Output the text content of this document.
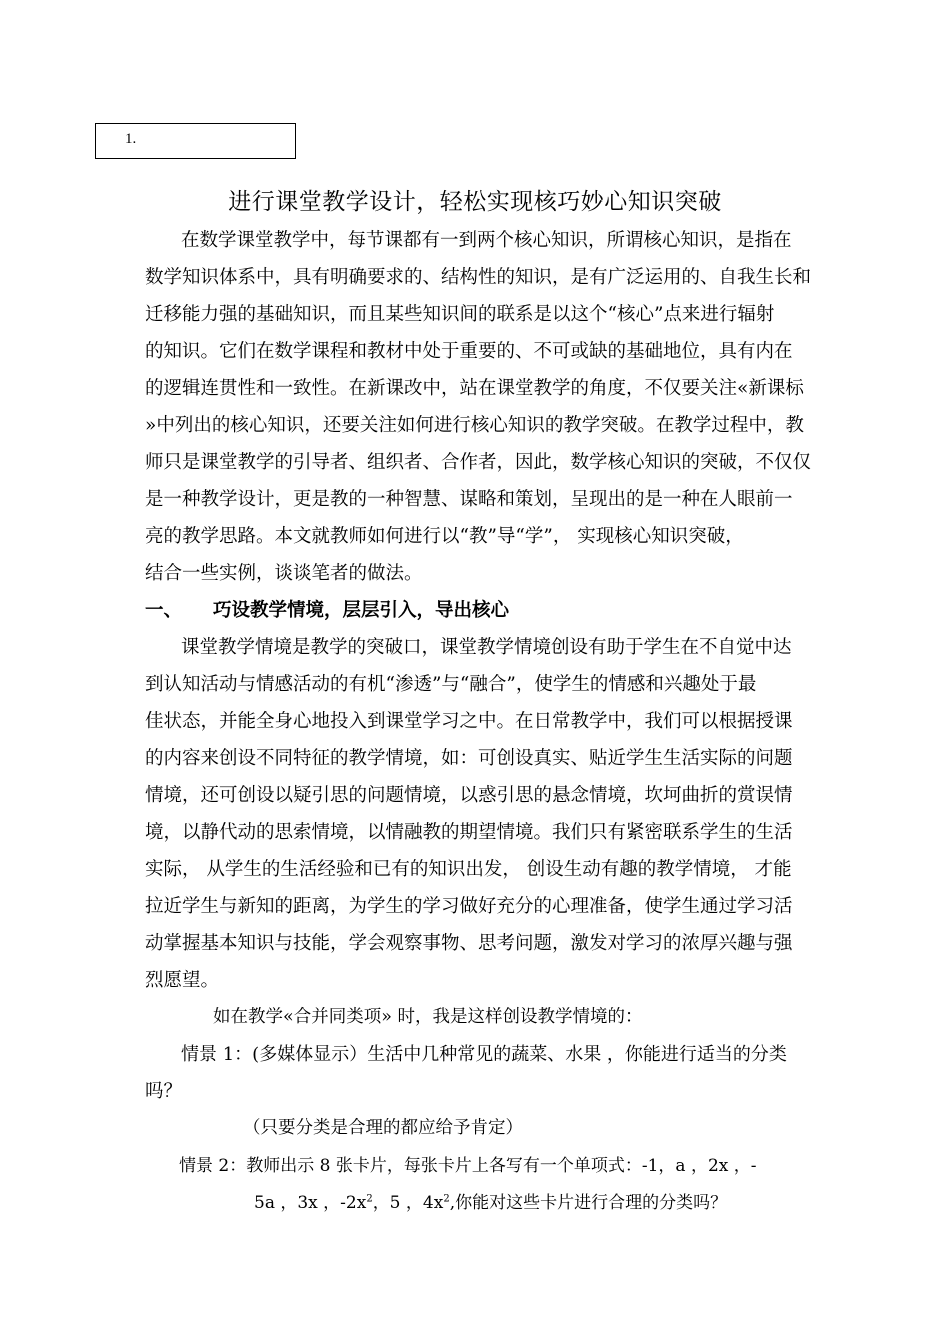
1.
进行课堂教学设计，轻松实现核巧妙心知识突破
在数学课堂教学中，每节课都有一到两个核心知识，所谓核心知识，是指在
数学知识体系中，具有明确要求的、结构性的知识，是有广泛运用的、自我生长和
迁移能力强的基础知识，而且某些知识间的联系是以这个“核心”点来进行辐射
的知识。它们在数学课程和教材中处于重要的、不可或缺的基础地位，具有内在
的逻辑连贯性和一致性。在新课改中，站在课堂教学的角度，不仅要关注«新课标
»中列出的核心知识，还要关注如何进行核心知识的教学突破。在教学过程中，教
师只是课堂教学的引导者、组织者、合作者，因此，数学核心知识的突破，不仅仅
是一种教学设计，更是教的一种智慧、谋略和策划，呈现出的是一种在人眼前一
亮的教学思路。本文就教师如何进行以“教”导“学”， 实现核心知识突破，
结合一些实例，谈谈笔者的做法。
一、 巧设教学情境，层层引入，导出核心
课堂教学情境是教学的突破口，课堂教学情境创设有助于学生在不自觉中达
到认知活动与情感活动的有机“渗透”与“融合”，使学生的情感和兴趣处于最
佳状态，并能全身心地投入到课堂学习之中。在日常教学中，我们可以根据授课
的内容来创设不同特征的教学情境，如：可创设真实、贴近学生生活实际的问题
情境，还可创设以疑引思的问题情境，以惑引思的悬念情境，坎坷曲折的赏误情
境，以静代动的思索情境，以情融教的期望情境。我们只有紧密联系学生的生活
实际， 从学生的生活经验和已有的知识出发， 创设生动有趣的教学情境， 才能
拉近学生与新知的距离，为学生的学习做好充分的心理准备，使学生通过学习活
动掌握基本知识与技能，学会观察事物、思考问题，激发对学习的浓厚兴趣与强
烈愿望。
如在教学«合并同类项» 时，我是这样创设教学情境的：
情景 1：(多媒体显示）生活中几种常见的蔬菜、水果 ，你能进行适当的分类
吗？
（只要分类是合理的都应给予肯定）
情景 2：教师出示 8 张卡片，每张卡片上各写有一个单项式：-1，a ，2x ，-
5a ，3x ，$-2x^2$，5 ，$4x^2$,你能对这些卡片进行合理的分类吗？
